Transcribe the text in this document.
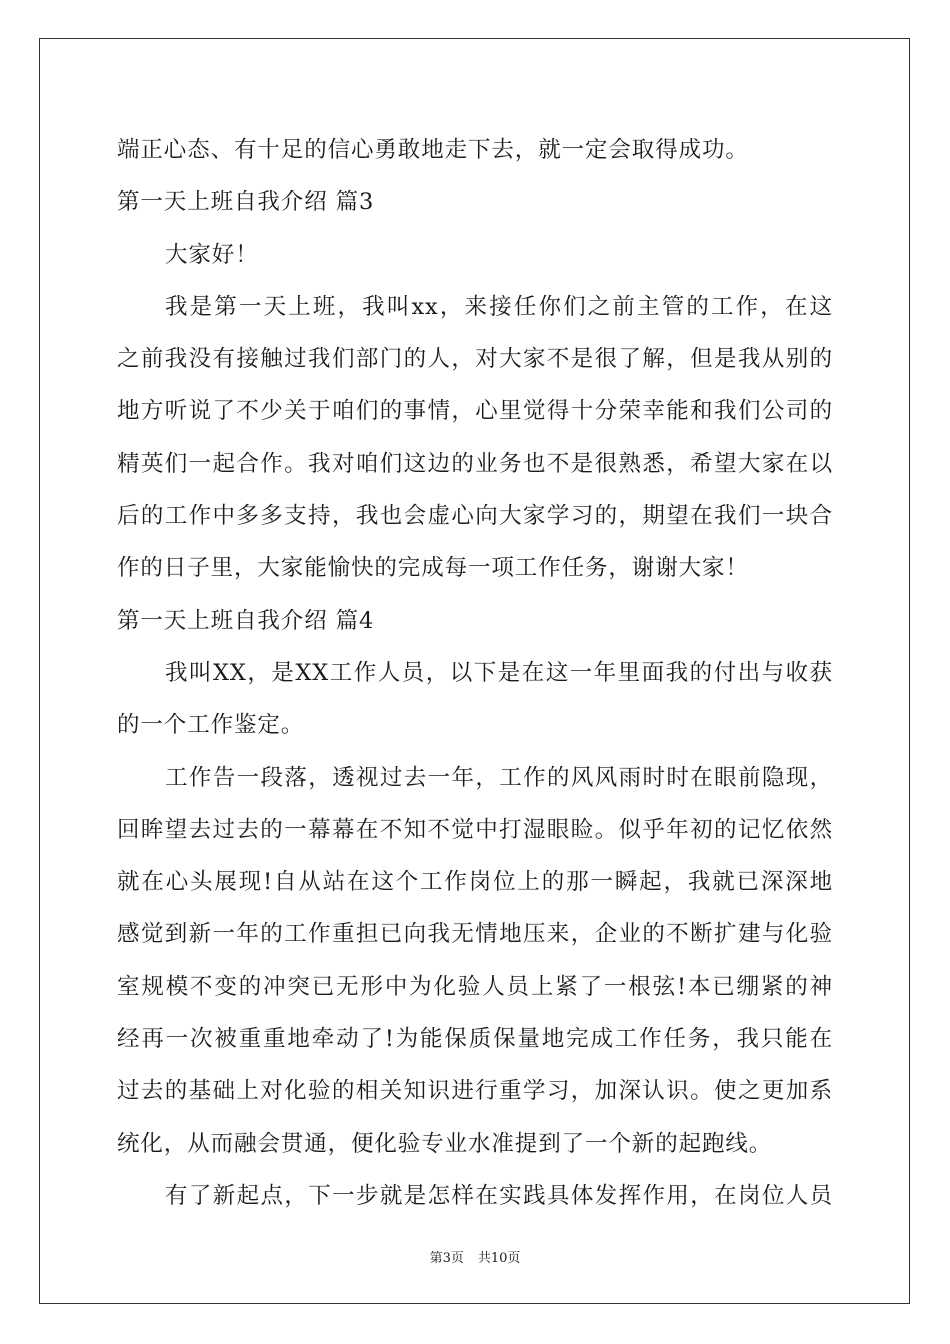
端正心态、有十足的信心勇敢地走下去，就一定会取得成功。
第一天上班自我介绍 篇3
大家好！
我是第一天上班，我叫xx，来接任你们之前主管的工作，在这
之前我没有接触过我们部门的人，对大家不是很了解，但是我从别的
地方听说了不少关于咱们的事情，心里觉得十分荣幸能和我们公司的
精英们一起合作。我对咱们这边的业务也不是很熟悉，希望大家在以
后的工作中多多支持，我也会虚心向大家学习的，期望在我们一块合
作的日子里，大家能愉快的完成每一项工作任务，谢谢大家！
第一天上班自我介绍 篇4
我叫XX，是XX工作人员，以下是在这一年里面我的付出与收获
的一个工作鉴定。
工作告一段落，透视过去一年，工作的风风雨时时在眼前隐现，
回眸望去过去的一幕幕在不知不觉中打湿眼睑。似乎年初的记忆依然
就在心头展现!自从站在这个工作岗位上的那一瞬起，我就已深深地
感觉到新一年的工作重担已向我无情地压来，企业的不断扩建与化验
室规模不变的冲突已无形中为化验人员上紧了一根弦!本已绷紧的神
经再一次被重重地牵动了!为能保质保量地完成工作任务，我只能在
过去的基础上对化验的相关知识进行重学习，加深认识。使之更加系
统化，从而融会贯通，便化验专业水准提到了一个新的起跑线。
有了新起点，下一步就是怎样在实践具体发挥作用，在岗位人员
第3页 共10页
